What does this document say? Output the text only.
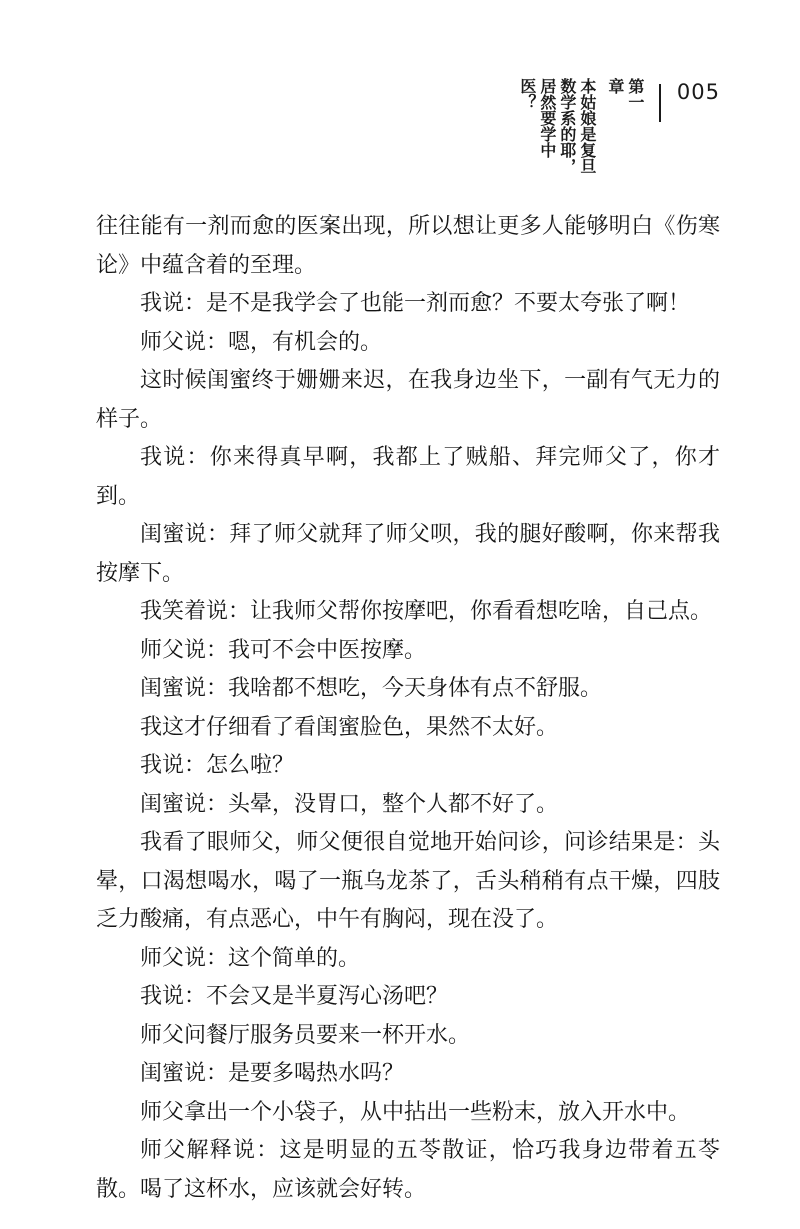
本姑娘是复旦数学系的耶，居然要学中医？	第一章	005

往往能有一剂而愈的医案出现，所以想让更多人能够明白《伤寒论》中蕴含着的至理。

我说：是不是我学会了也能一剂而愈？不要太夸张了啊！

师父说：嗯，有机会的。

这时候闺蜜终于姗姗来迟，在我身边坐下，一副有气无力的样子。

我说：你来得真早啊，我都上了贼船、拜完师父了，你才到。

闺蜜说：拜了师父就拜了师父呗，我的腿好酸啊，你来帮我按摩下。

我笑着说：让我师父帮你按摩吧，你看看想吃啥，自己点。

师父说：我可不会中医按摩。

闺蜜说：我啥都不想吃，今天身体有点不舒服。

我这才仔细看了看闺蜜脸色，果然不太好。

我说：怎么啦？

闺蜜说：头晕，没胃口，整个人都不好了。

我看了眼师父，师父便很自觉地开始问诊，问诊结果是：头晕，口渴想喝水，喝了一瓶乌龙茶了，舌头稍稍有点干燥，四肢乏力酸痛，有点恶心，中午有胸闷，现在没了。

师父说：这个简单的。

我说：不会又是半夏泻心汤吧？

师父问餐厅服务员要来一杯开水。

闺蜜说：是要多喝热水吗？

师父拿出一个小袋子，从中拈出一些粉末，放入开水中。

师父解释说：这是明显的五苓散证，恰巧我身边带着五苓散。喝了这杯水，应该就会好转。
